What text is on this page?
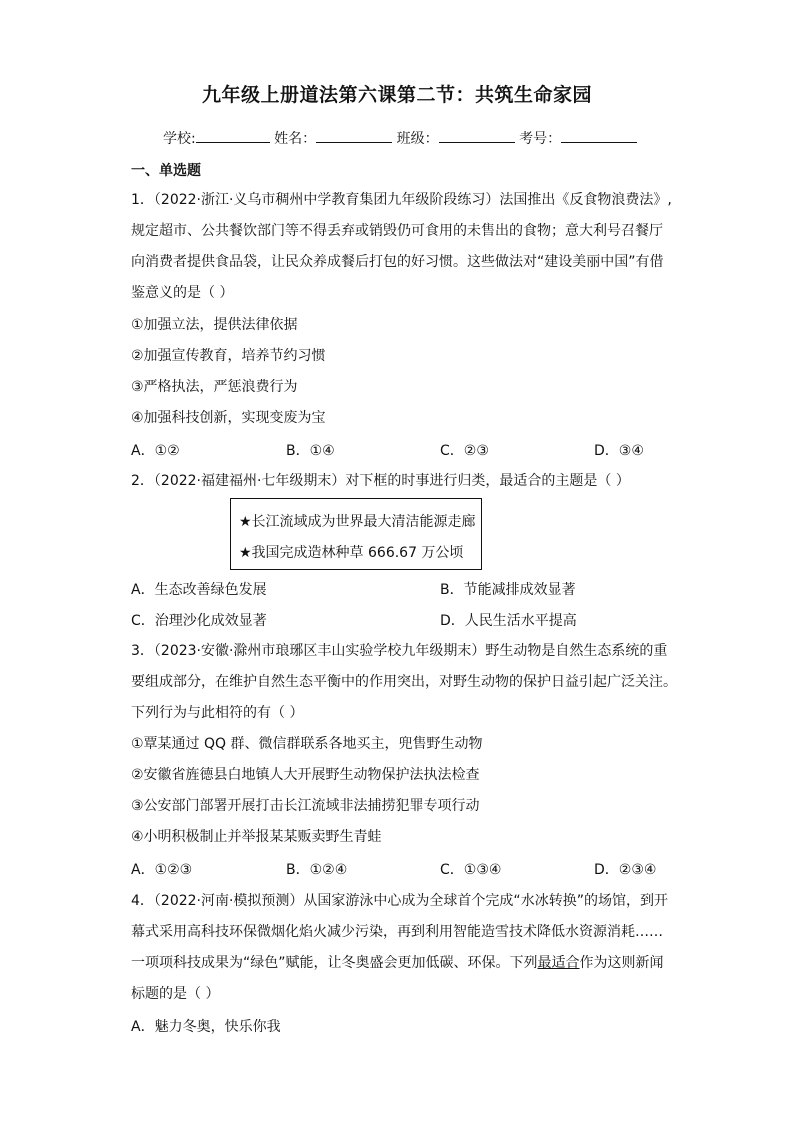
九年级上册道法第六课第二节：共筑生命家园
学校:	姓名：	班级：	考号：
一、单选题
1．（2022·浙江·义乌市稠州中学教育集团九年级阶段练习）法国推出《反食物浪费法》,
规定超市、公共餐饮部门等不得丢弃或销毁仍可食用的未售出的食物；意大利号召餐厅
向消费者提供食品袋，让民众养成餐后打包的好习惯。这些做法对“建设美丽中国”有借
鉴意义的是（ ）
①加强立法，提供法律依据
②加强宣传教育，培养节约习惯
③严格执法，严惩浪费行为
④加强科技创新，实现变废为宝
A．①②	B．①④	C．②③	D．③④
2．（2022·福建福州·七年级期末）对下框的时事进行归类，最适合的主题是（ ）
★长江流域成为世界最大清洁能源走廊
★我国完成造林种草 666.67 万公顷
A．生态改善绿色发展	B．节能减排成效显著
C．治理沙化成效显著	D．人民生活水平提高
3．（2023·安徽·滁州市琅琊区丰山实验学校九年级期末）野生动物是自然生态系统的重
要组成部分，在维护自然生态平衡中的作用突出，对野生动物的保护日益引起广泛关注。
下列行为与此相符的有（ ）
①覃某通过 QQ 群、微信群联系各地买主，兜售野生动物
②安徽省旌德县白地镇人大开展野生动物保护法执法检查
③公安部门部署开展打击长江流域非法捕捞犯罪专项行动
④小明积极制止并举报某某贩卖野生青蛙
A．①②③	B．①②④	C．①③④	D．②③④
4．（2022·河南·模拟预测）从国家游泳中心成为全球首个完成“水冰转换”的场馆，到开
幕式采用高科技环保微烟化焰火减少污染，再到利用智能造雪技术降低水资源消耗……
一项项科技成果为“绿色”赋能，让冬奥盛会更加低碳、环保。下列最适合作为这则新闻
标题的是（ ）
A．魅力冬奥，快乐你我
